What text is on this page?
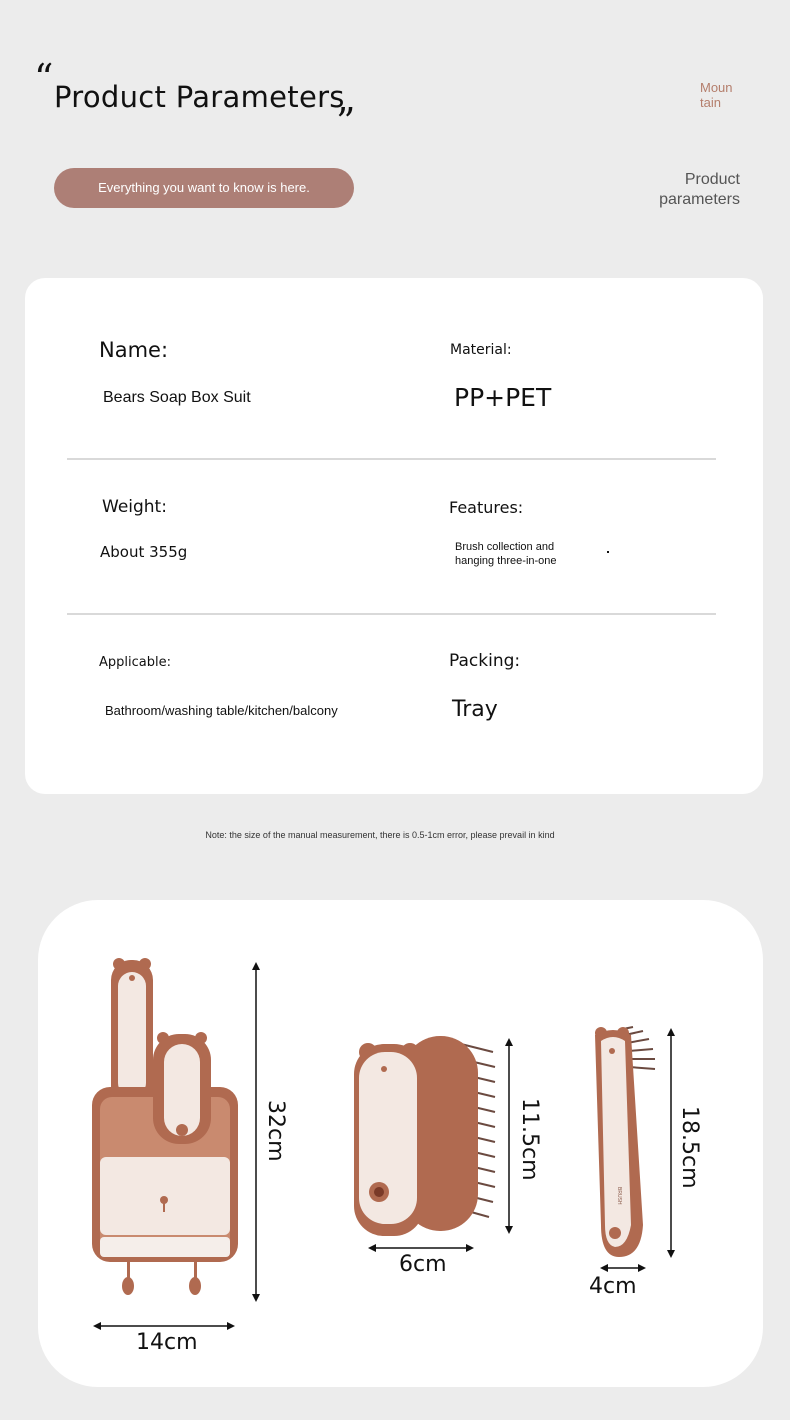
“ Product Parameters
”
Moun
tain
Everything you want to know is here.	Product
parameters
Name:
Bears Soap Box Suit
Material:
PP+PET
Weight:
About 355g
Features:
Brush collection and
hanging three-in-one
Applicable:
Bathroom/washing table/kitchen/balcony
Packing:
Tray
Note: the size of the manual measurement, there is 0.5-1cm error, please prevail in kind
32cm
14cm
11.5cm
6cm
BRUSH
18.5cm
4cm
